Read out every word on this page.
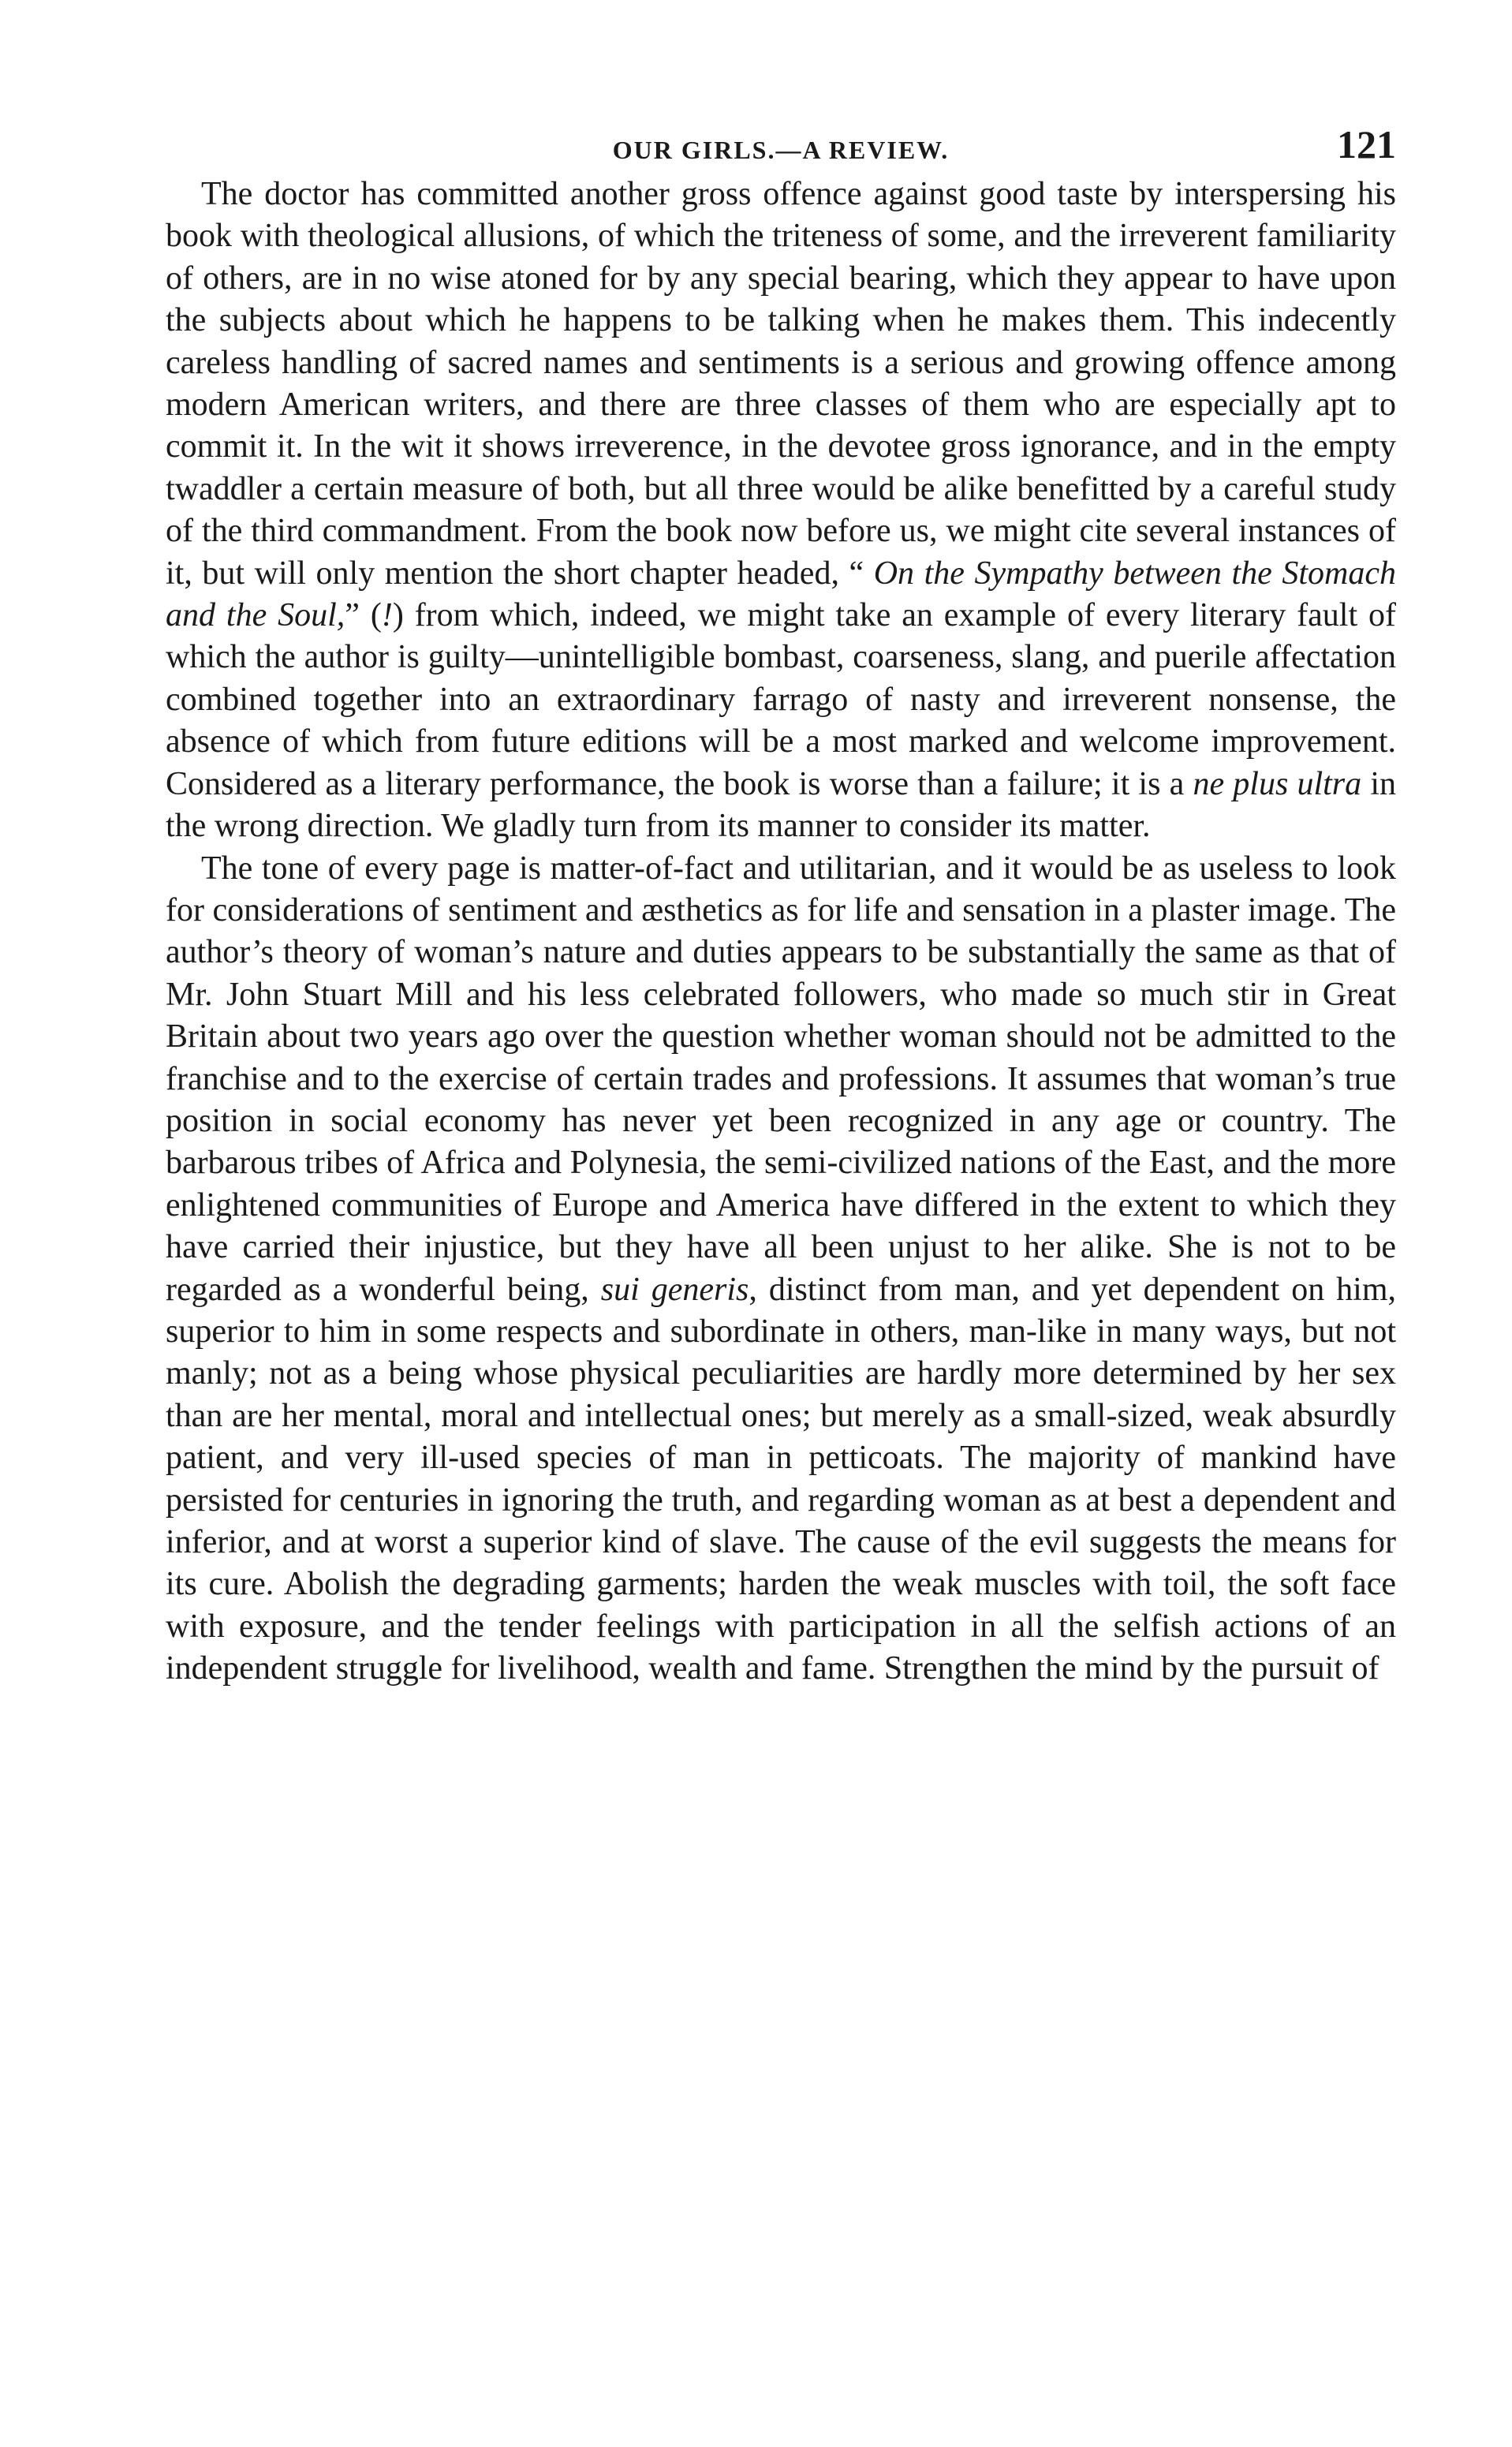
OUR GIRLS.—A REVIEW.	121

The doctor has committed another gross offence against good taste by interspersing his book with theological allusions, of which the triteness of some, and the irreverent familiarity of others, are in no wise atoned for by any special bearing, which they appear to have upon the subjects about which he happens to be talking when he makes them. This indecently careless handling of sacred names and sentiments is a serious and growing offence among modern American writers, and there are three classes of them who are especially apt to commit it. In the wit it shows irreverence, in the devotee gross ignorance, and in the empty twaddler a certain measure of both, but all three would be alike benefitted by a careful study of the third commandment. From the book now before us, we might cite several instances of it, but will only mention the short chapter headed, “ On the Sympathy between the Stomach and the Soul,” (!) from which, indeed, we might take an example of every literary fault of which the author is guilty—unintelligible bombast, coarseness, slang, and puerile affectation combined together into an extraordinary farrago of nasty and irreverent nonsense, the absence of which from future editions will be a most marked and welcome improvement. Considered as a literary performance, the book is worse than a failure; it is a ne plus ultra in the wrong direction. We gladly turn from its manner to consider its matter.

The tone of every page is matter-of-fact and utilitarian, and it would be as useless to look for considerations of sentiment and æsthetics as for life and sensation in a plaster image. The author’s theory of woman’s nature and duties appears to be substantially the same as that of Mr. John Stuart Mill and his less celebrated followers, who made so much stir in Great Britain about two years ago over the question whether woman should not be admitted to the franchise and to the exercise of certain trades and professions. It assumes that woman’s true position in social economy has never yet been recognized in any age or country. The barbarous tribes of Africa and Polynesia, the semi-civilized nations of the East, and the more enlightened communities of Europe and America have differed in the extent to which they have carried their injustice, but they have all been unjust to her alike. She is not to be regarded as a wonderful being, sui generis, distinct from man, and yet dependent on him, superior to him in some respects and subordinate in others, man-like in many ways, but not manly; not as a being whose physical peculiarities are hardly more determined by her sex than are her mental, moral and intellectual ones; but merely as a small-sized, weak absurdly patient, and very ill-used species of man in petticoats. The majority of mankind have persisted for centuries in ignoring the truth, and regarding woman as at best a dependent and inferior, and at worst a superior kind of slave. The cause of the evil suggests the means for its cure. Abolish the degrading garments; harden the weak muscles with toil, the soft face with exposure, and the tender feelings with participation in all the selfish actions of an independent struggle for livelihood, wealth and fame. Strengthen the mind by the pursuit of
